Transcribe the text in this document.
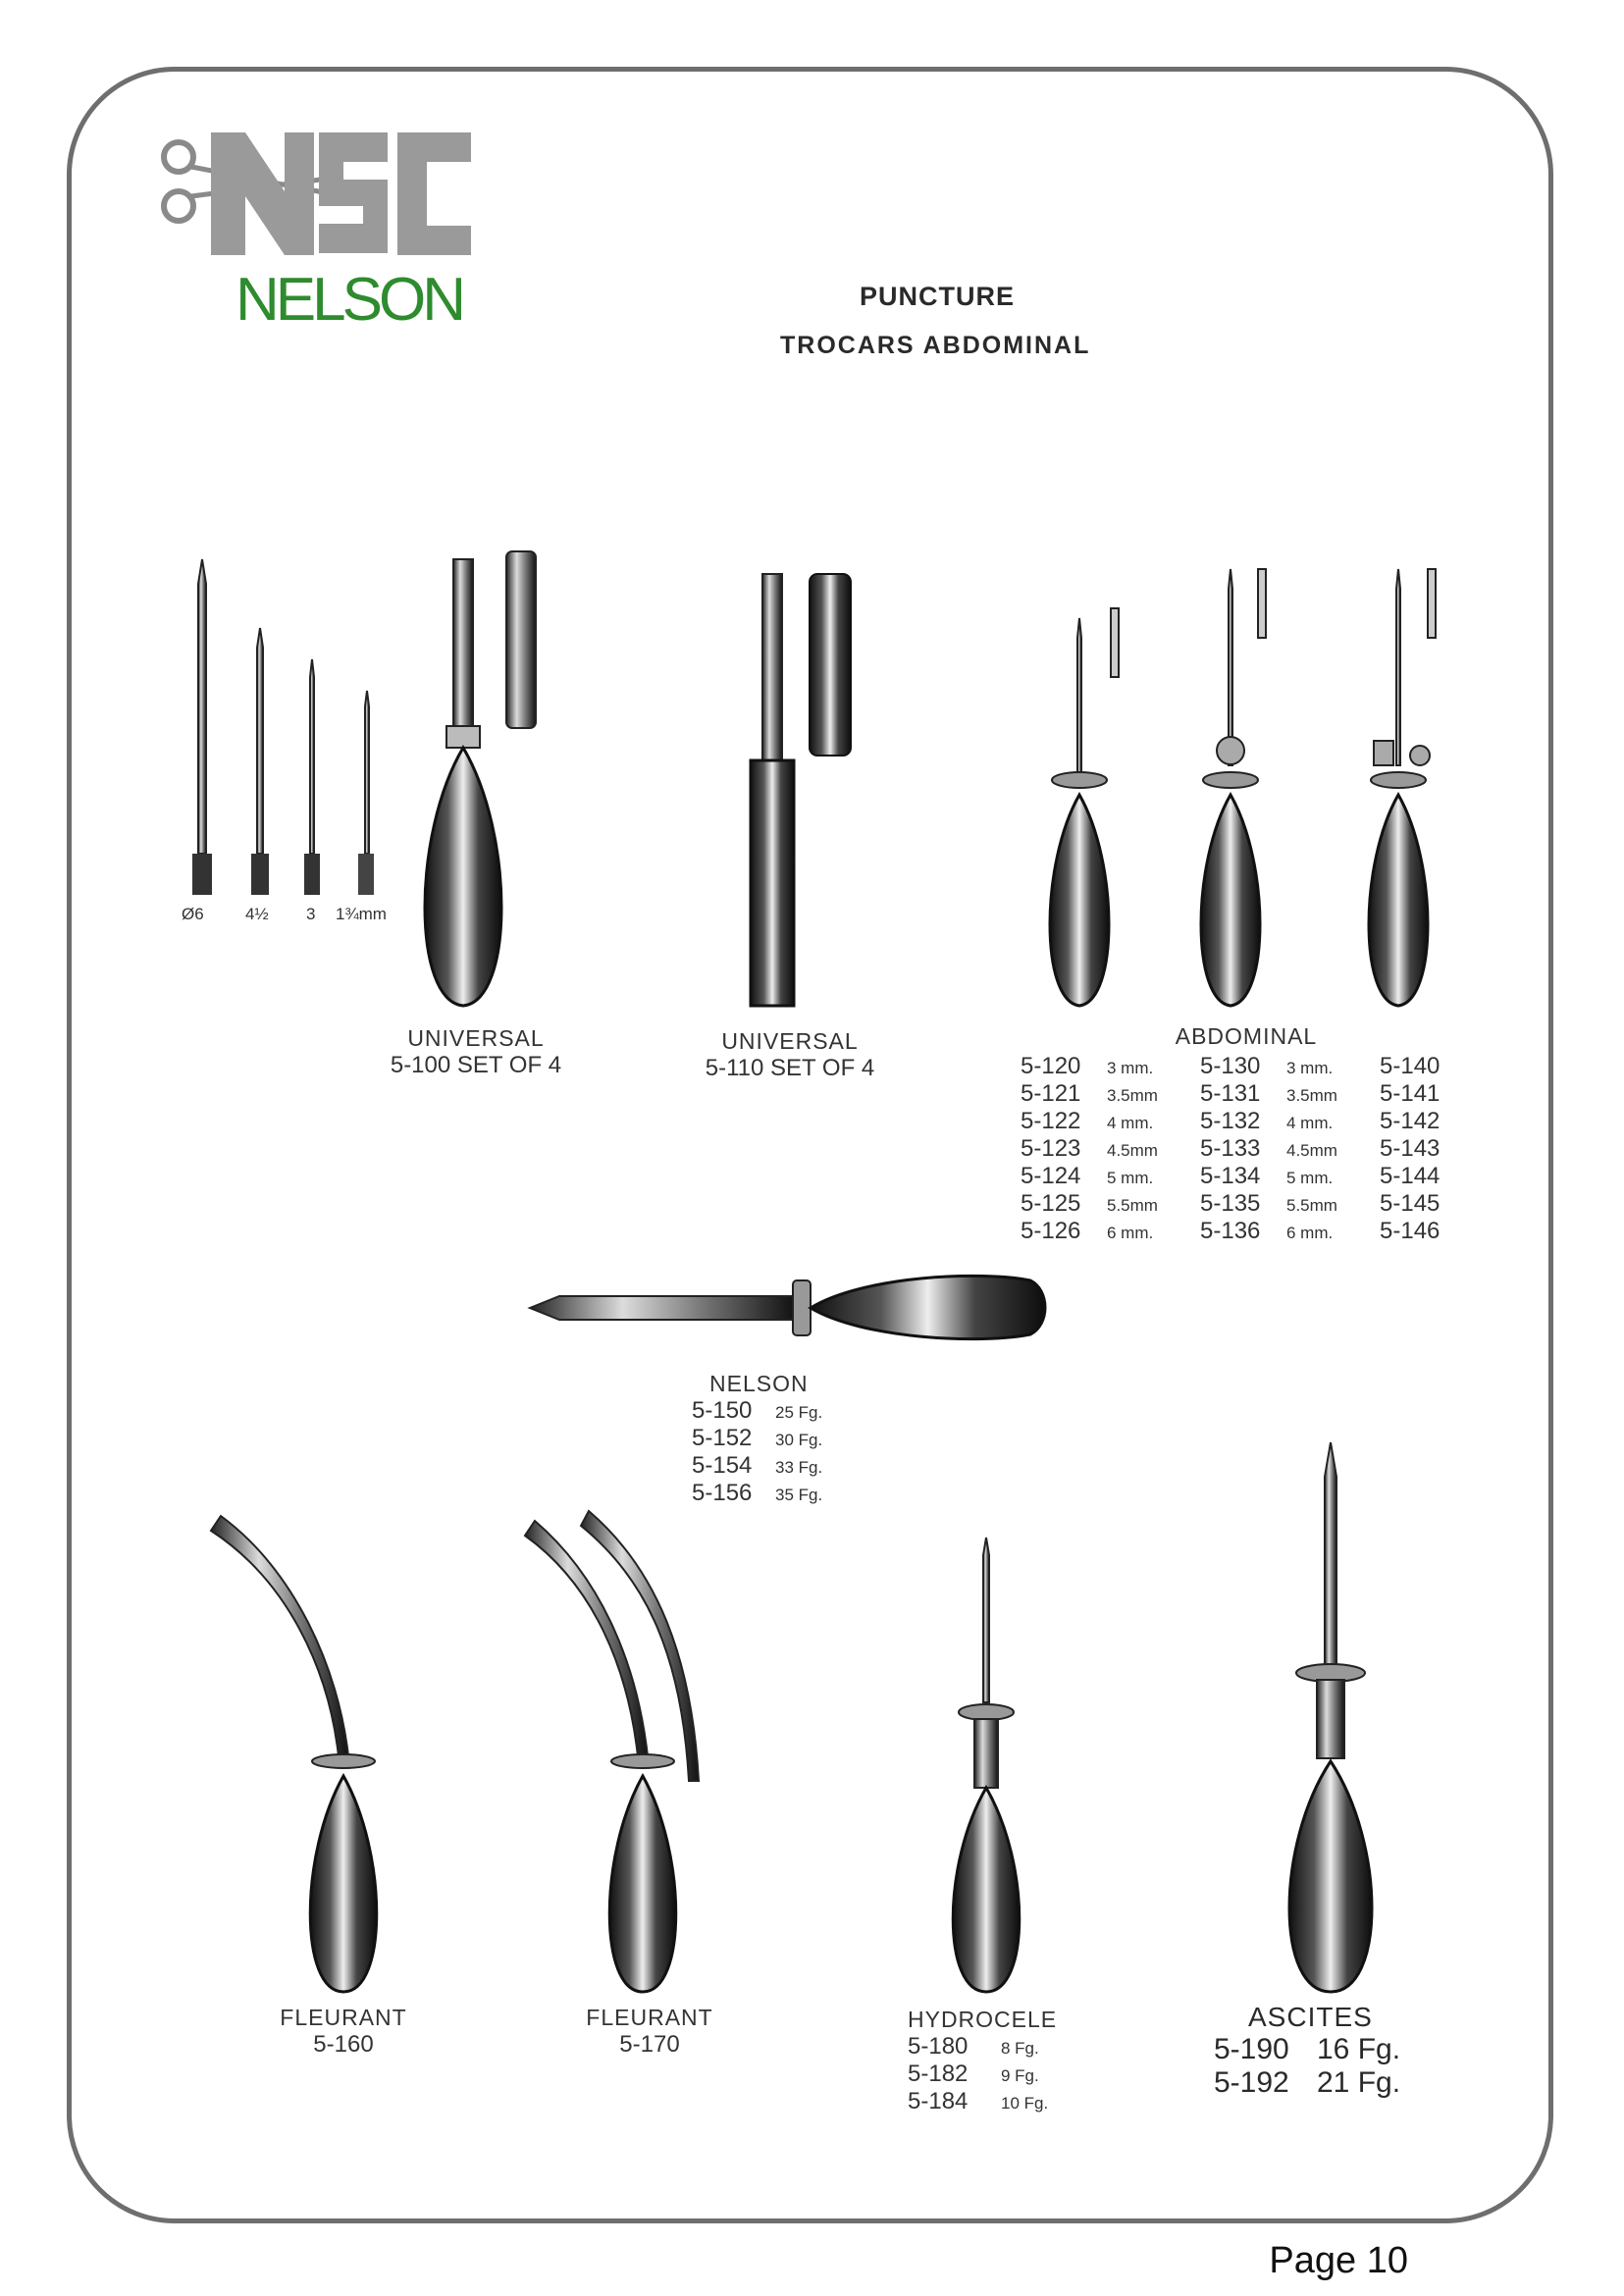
NELSON	PUNCTURE
TROCARS ABDOMINAL
Ø6 4½ 3 1¾mm
UNIVERSAL
5-100 SET OF 4
UNIVERSAL
5-110 SET OF 4
ABDOMINAL
5-120 3 mm. 5-130 3 mm. 5-140
5-121 3.5mm 5-131 3.5mm 5-141
5-122 4 mm. 5-132 4 mm. 5-142
5-123 4.5mm 5-133 4.5mm 5-143
5-124 5 mm. 5-134 5 mm. 5-144
5-125 5.5mm 5-135 5.5mm 5-145
5-126 6 mm. 5-136 6 mm. 5-146
NELSON
5-150 25 Fg.
5-152 30 Fg.
5-154 33 Fg.
5-156 35 Fg.
FLEURANT
5-160
FLEURANT
5-170
HYDROCELE
5-180 8 Fg.
5-182 9 Fg.
5-184 10 Fg.
ASCITES
5-190 16 Fg.
5-192 21 Fg.
Page 10
